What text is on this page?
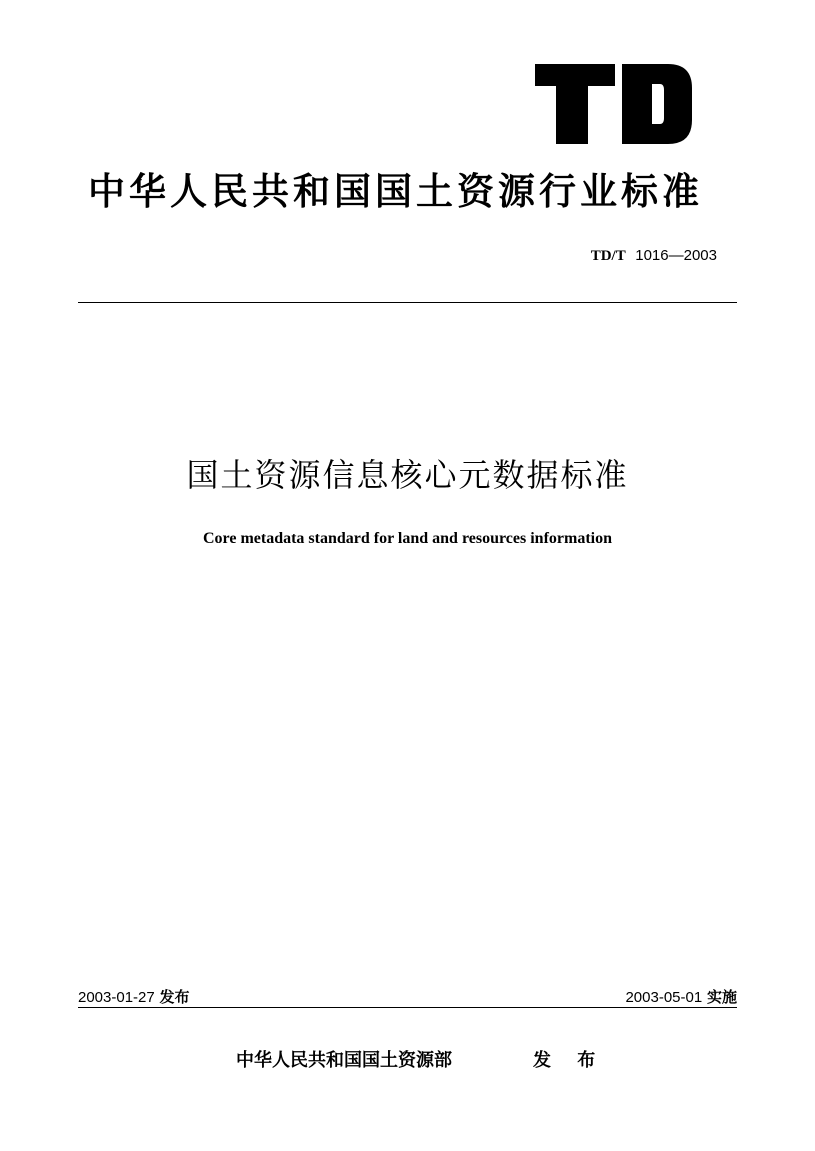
中华人民共和国国土资源行业标准
TD/T 1016—2003
国土资源信息核心元数据标准
Core metadata standard for land and resources information
2003-01-27 发布	2003-05-01 实施
中华人民共和国国土资源部	发 布
